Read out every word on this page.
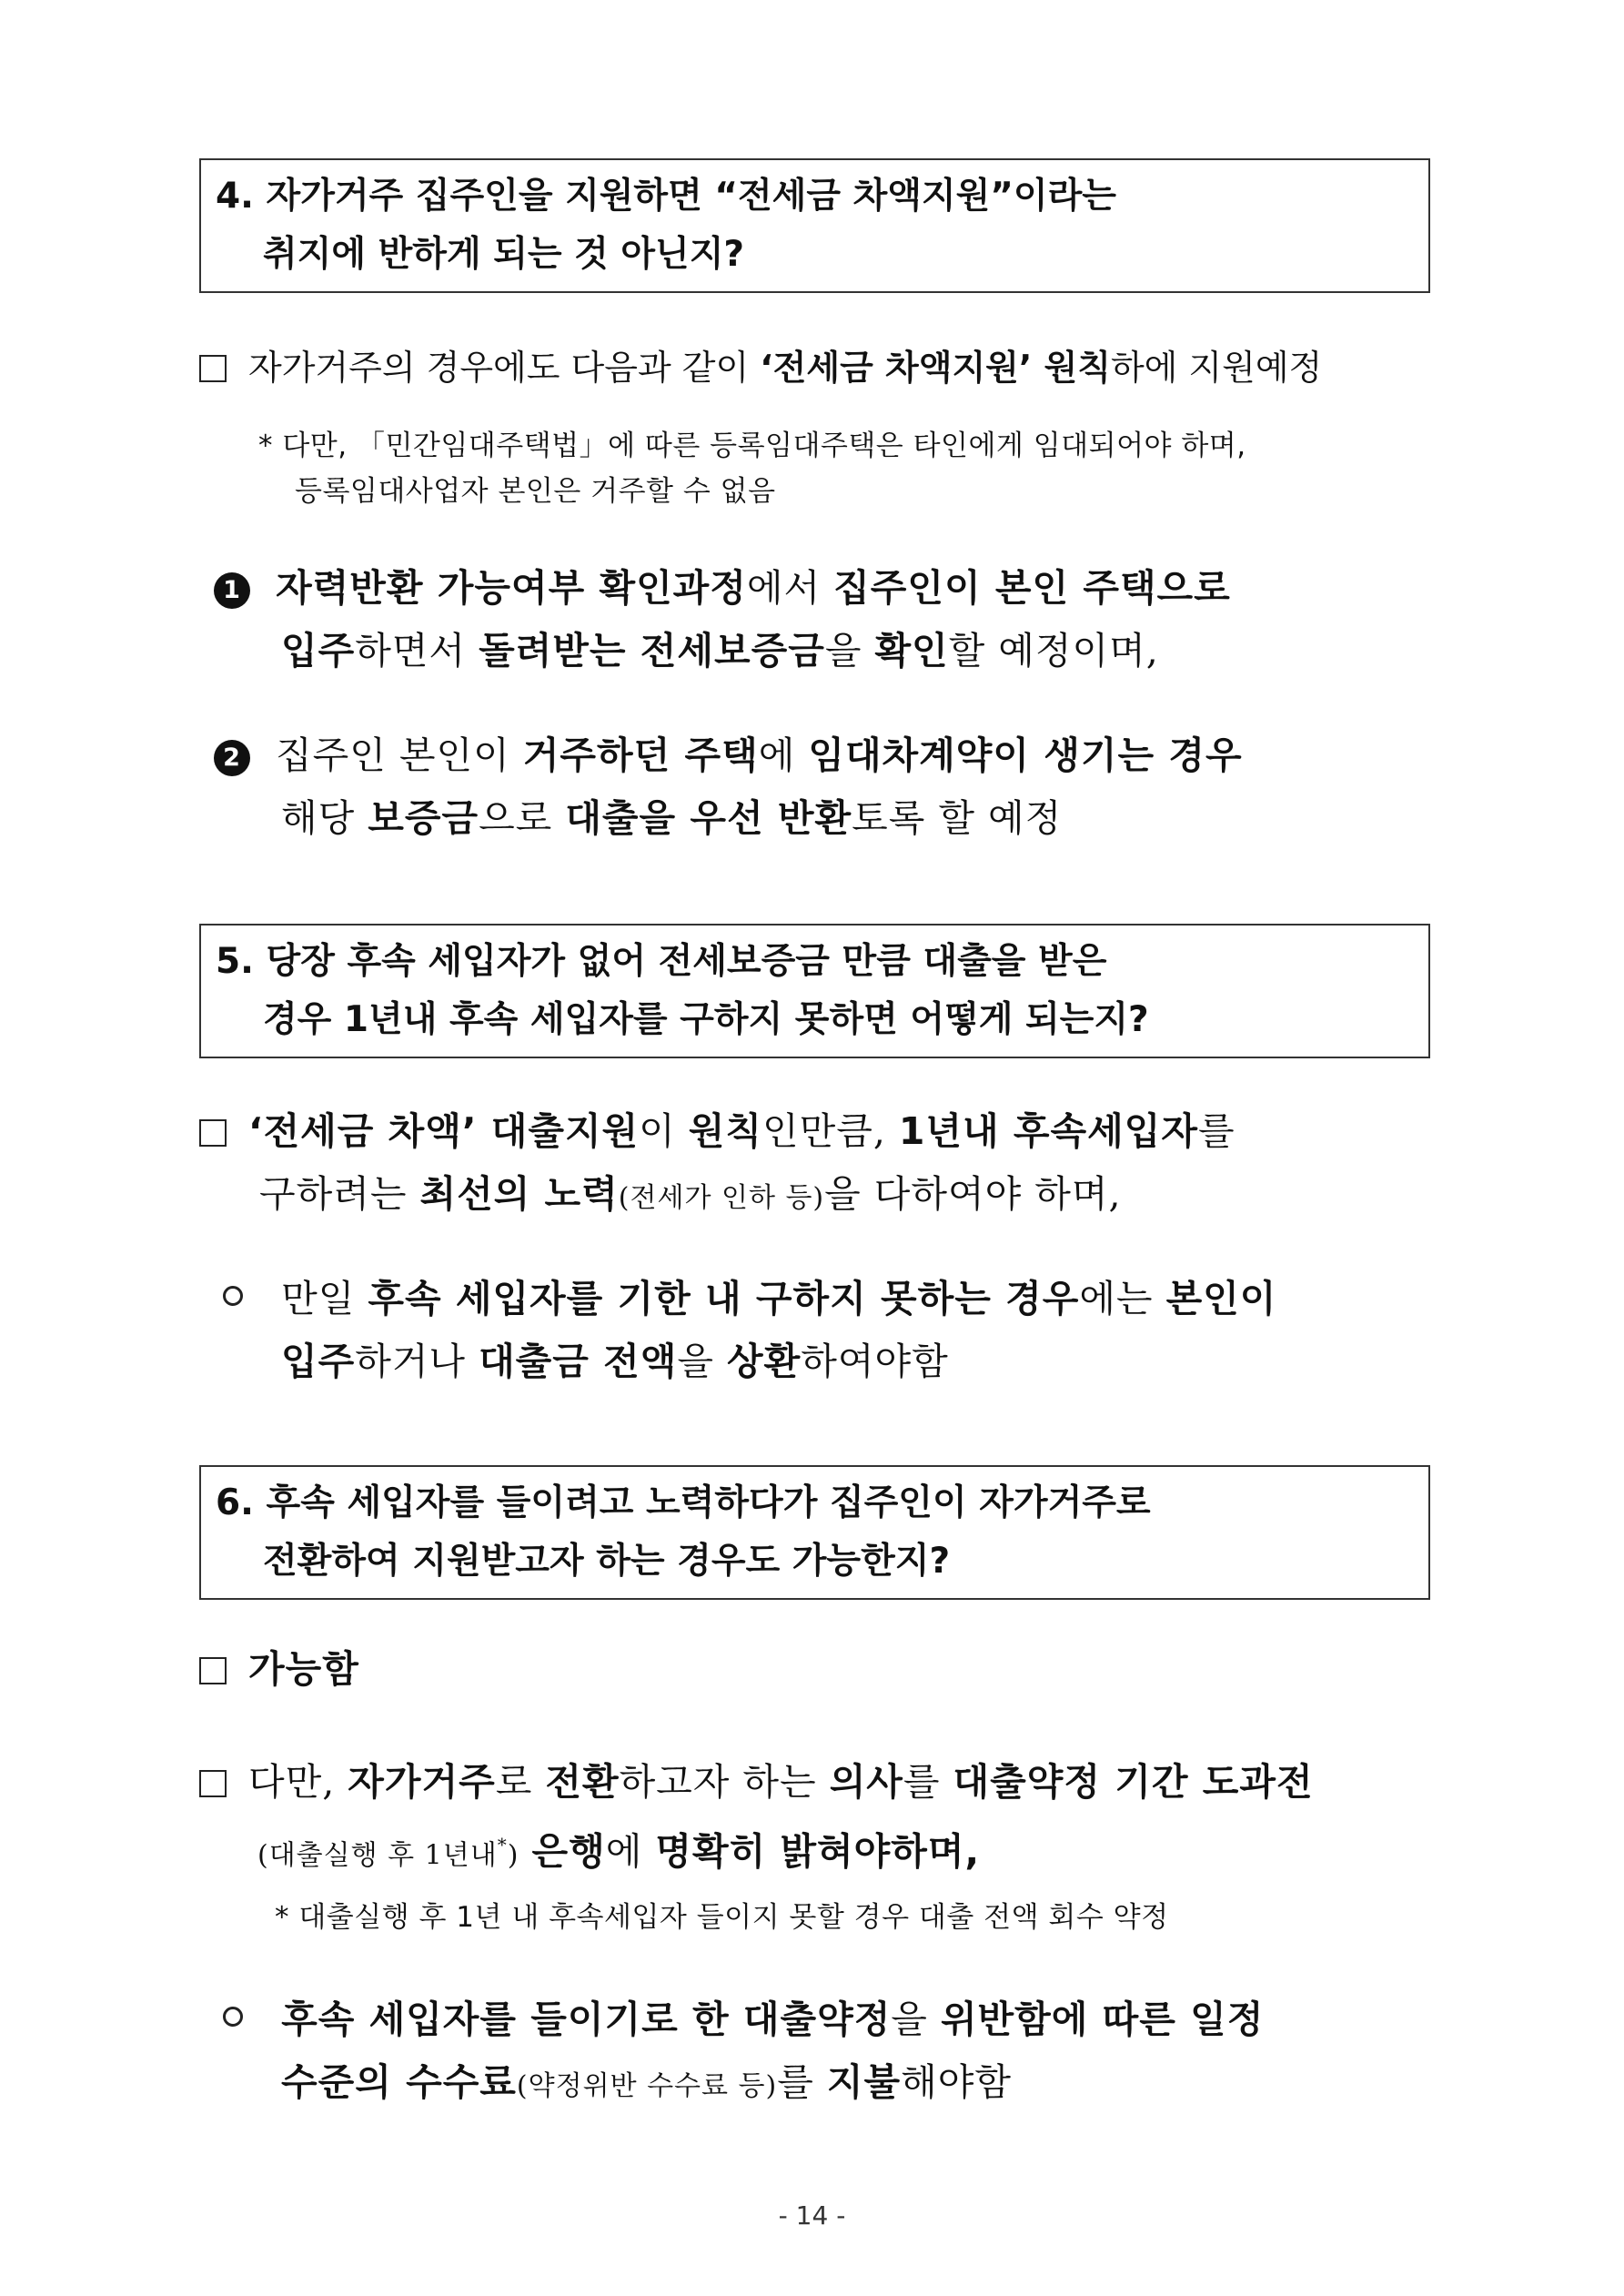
4. 자가거주 집주인을 지원하면 “전세금 차액지원”이라는

취지에 반하게 되는 것 아닌지?
자가거주의 경우에도 다음과 같이 ‘전세금 차액지원’ 원칙하에 지원예정
* 다만, 「민간임대주택법」에 따른 등록임대주택은 타인에게 임대되어야 하며,
등록임대사업자 본인은 거주할 수 없음
1 자력반환 가능여부 확인과정에서 집주인이 본인 주택으로
입주하면서 돌려받는 전세보증금을 확인할 예정이며,
2 집주인 본인이 거주하던 주택에 임대차계약이 생기는 경우
해당 보증금으로 대출을 우선 반환토록 할 예정
5. 당장 후속 세입자가 없어 전세보증금 만큼 대출을 받은

경우 1년내 후속 세입자를 구하지 못하면 어떻게 되는지?
‘전세금 차액’ 대출지원이 원칙인만큼, 1년내 후속세입자를
구하려는 최선의 노력(전세가 인하 등)을 다하여야 하며,
만일 후속 세입자를 기한 내 구하지 못하는 경우에는 본인이
입주하거나 대출금 전액을 상환하여야함
6. 후속 세입자를 들이려고 노력하다가 집주인이 자가거주로

전환하여 지원받고자 하는 경우도 가능한지?
가능함
다만, 자가거주로 전환하고자 하는 의사를 대출약정 기간 도과전
(대출실행 후 1년내*) 은행에 명확히 밝혀야하며,
* 대출실행 후 1년 내 후속세입자 들이지 못할 경우 대출 전액 회수 약정
후속 세입자를 들이기로 한 대출약정을 위반함에 따른 일정
수준의 수수료(약정위반 수수료 등)를 지불해야함
- 14 -
